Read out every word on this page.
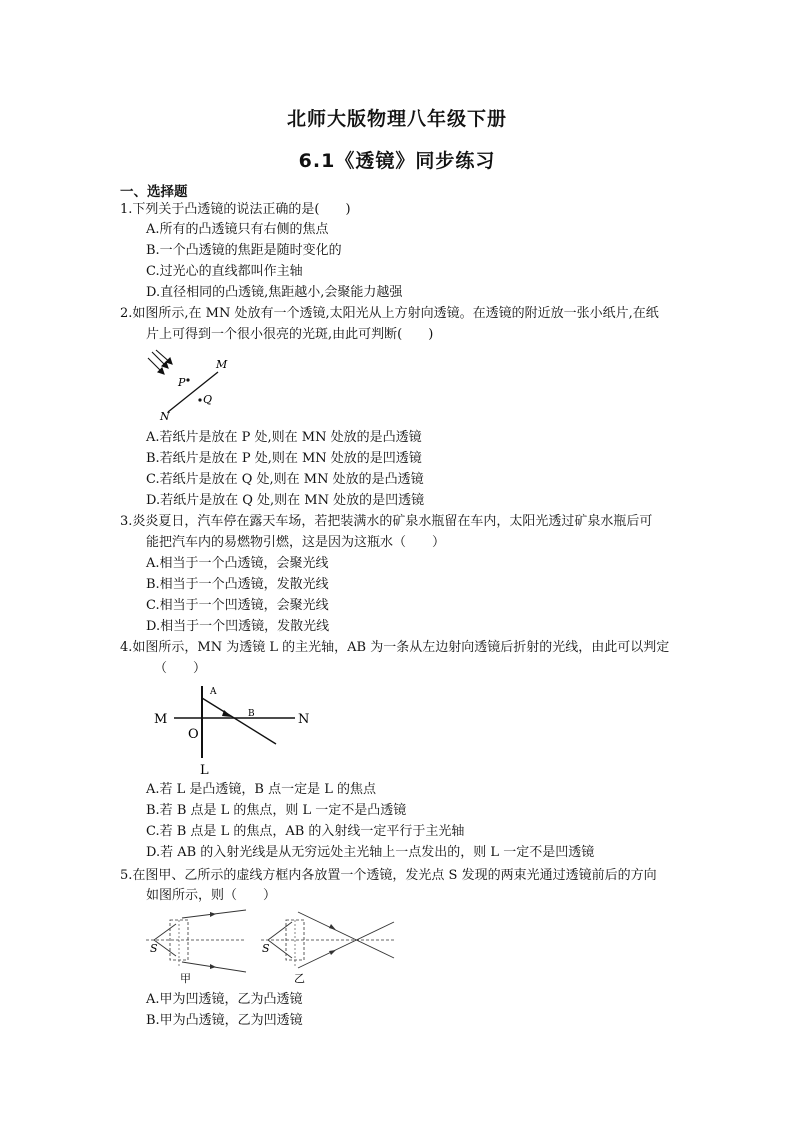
北师大版物理八年级下册
6.1《透镜》同步练习
一、选择题
1.下列关于凸透镜的说法正确的是(　　)
A.所有的凸透镜只有右侧的焦点
B.一个凸透镜的焦距是随时变化的
C.过光心的直线都叫作主轴
D.直径相同的凸透镜,焦距越小,会聚能力越强
2.如图所示,在 MN 处放有一个透镜,太阳光从上方射向透镜。在透镜的附近放一张小纸片,在纸
片上可得到一个很小很亮的光斑,由此可判断(　　)
M
N
P
Q
A.若纸片是放在 P 处,则在 MN 处放的是凸透镜
B.若纸片是放在 P 处,则在 MN 处放的是凹透镜
C.若纸片是放在 Q 处,则在 MN 处放的是凸透镜
D.若纸片是放在 Q 处,则在 MN 处放的是凹透镜
3.炎炎夏日，汽车停在露天车场，若把装满水的矿泉水瓶留在车内，太阳光透过矿泉水瓶后可
能把汽车内的易燃物引燃，这是因为这瓶水（　　）
A.相当于一个凸透镜，会聚光线
B.相当于一个凸透镜，发散光线
C.相当于一个凹透镜，会聚光线
D.相当于一个凹透镜，发散光线
4.如图所示，MN 为透镜 L 的主光轴，AB 为一条从左边射向透镜后折射的光线，由此可以判定
（　　）
M	N
O
L
A
B
A.若 L 是凸透镜，B 点一定是 L 的焦点
B.若 B 点是 L 的焦点，则 L 一定不是凸透镜
C.若 B 点是 L 的焦点，AB 的入射线一定平行于主光轴
D.若 AB 的入射光线是从无穷远处主光轴上一点发出的，则 L 一定不是凹透镜
5.在图甲、乙所示的虚线方框内各放置一个透镜，发光点 S 发现的两束光通过透镜前后的方向
如图所示，则（　　）
S
甲
S
乙
A.甲为凹透镜，乙为凸透镜
B.甲为凸透镜，乙为凹透镜
